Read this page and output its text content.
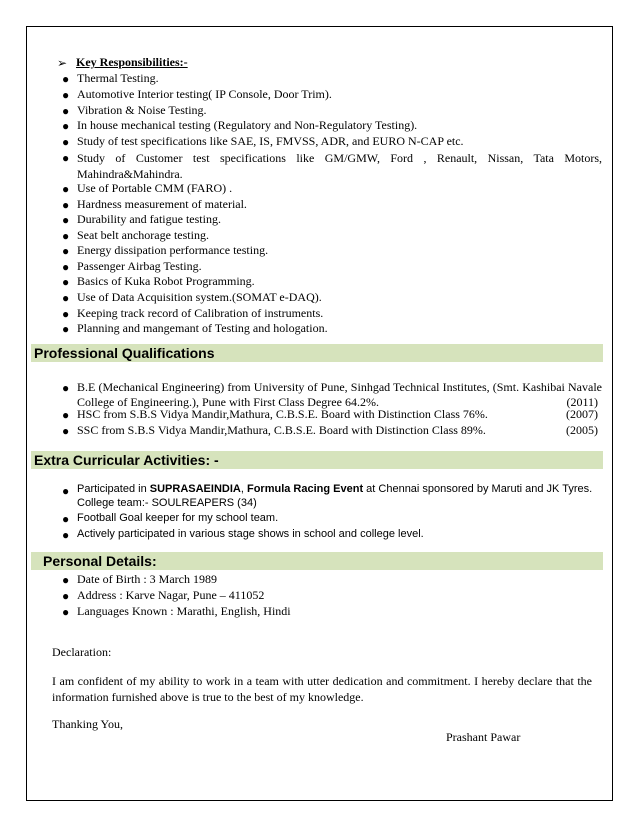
➢ Key Responsibilities:-
● Thermal Testing.
● Automotive Interior testing( IP Console, Door Trim).
● Vibration & Noise Testing.
● In house mechanical testing (Regulatory and Non-Regulatory Testing).
● Study of test specifications like SAE, IS, FMVSS, ADR, and EURO N-CAP etc.
● Study of Customer test specifications like GM/GMW, Ford , Renault, Nissan, Tata Motors, Mahindra&Mahindra.
● Use of Portable CMM (FARO) .
● Hardness measurement of material.
● Durability and fatigue testing.
● Seat belt anchorage testing.
● Energy dissipation performance testing.
● Passenger Airbag Testing.
● Basics of Kuka Robot Programming.
● Use of Data Acquisition system.(SOMAT e-DAQ).
● Keeping track record of Calibration of instruments.
● Planning and mangemant of Testing and hologation.
Professional Qualifications
● B.E (Mechanical Engineering) from University of Pune, Sinhgad Technical Institutes, (Smt. Kashibai Navale College of Engineering.), Pune with First Class Degree 64.2%.	(2011)
● HSC from S.B.S Vidya Mandir,Mathura, C.B.S.E. Board with Distinction Class 76%.	(2007)
● SSC from S.B.S Vidya Mandir,Mathura, C.B.S.E. Board with Distinction Class 89%.	(2005)
Extra Curricular Activities: -
● Participated in SUPRASAEINDIA, Formula Racing Event at Chennai sponsored by Maruti and JK Tyres.
College team:- SOULREAPERS (34)
● Football Goal keeper for my school team.
● Actively participated in various stage shows in school and college level.
Personal Details:
● Date of Birth : 3 March 1989
● Address : Karve Nagar, Pune – 411052
● Languages Known : Marathi, English, Hindi
Declaration:
I am confident of my ability to work in a team with utter dedication and commitment. I hereby declare that the information furnished above is true to the best of my knowledge.
Thanking You,
Prashant Pawar
